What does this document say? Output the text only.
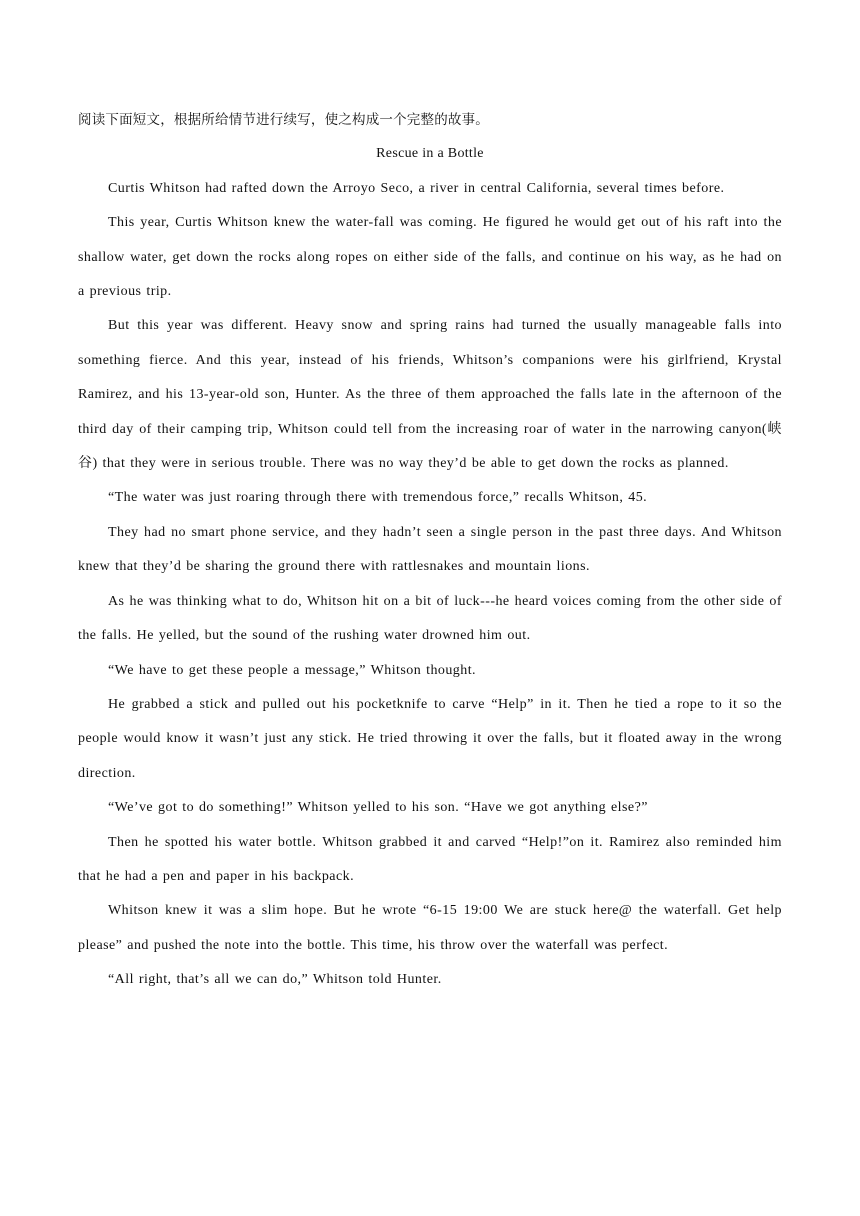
阅读下面短文，根据所给情节进行续写，使之构成一个完整的故事。

Rescue in a Bottle

Curtis Whitson had rafted down the Arroyo Seco, a river in central California, several times before.

This year, Curtis Whitson knew the water-fall was coming. He figured he would get out of his raft into the shallow water, get down the rocks along ropes on either side of the falls, and continue on his way, as he had on a previous trip.

But this year was different. Heavy snow and spring rains had turned the usually manageable falls into something fierce. And this year, instead of his friends, Whitson’s companions were his girlfriend, Krystal Ramirez, and his 13-year-old son, Hunter. As the three of them approached the falls late in the afternoon of the third day of their camping trip, Whitson could tell from the increasing roar of water in the narrowing canyon(峡谷) that they were in serious trouble. There was no way they’d be able to get down the rocks as planned.

“The water was just roaring through there with tremendous force,” recalls Whitson, 45.

They had no smart phone service, and they hadn’t seen a single person in the past three days. And Whitson knew that they’d be sharing the ground there with rattlesnakes and mountain lions.

As he was thinking what to do, Whitson hit on a bit of luck---he heard voices coming from the other side of the falls. He yelled, but the sound of the rushing water drowned him out.

“We have to get these people a message,” Whitson thought.

He grabbed a stick and pulled out his pocketknife to carve “Help” in it. Then he tied a rope to it so the people would know it wasn’t just any stick. He tried throwing it over the falls, but it floated away in the wrong direction.

“We’ve got to do something!” Whitson yelled to his son. “Have we got anything else?”

Then he spotted his water bottle. Whitson grabbed it and carved “Help!”on it. Ramirez also reminded him that he had a pen and paper in his backpack.

Whitson knew it was a slim hope. But he wrote “6-15 19:00 We are stuck here@ the waterfall. Get help please” and pushed the note into the bottle. This time, his throw over the waterfall was perfect.

“All right, that’s all we can do,” Whitson told Hunter.
